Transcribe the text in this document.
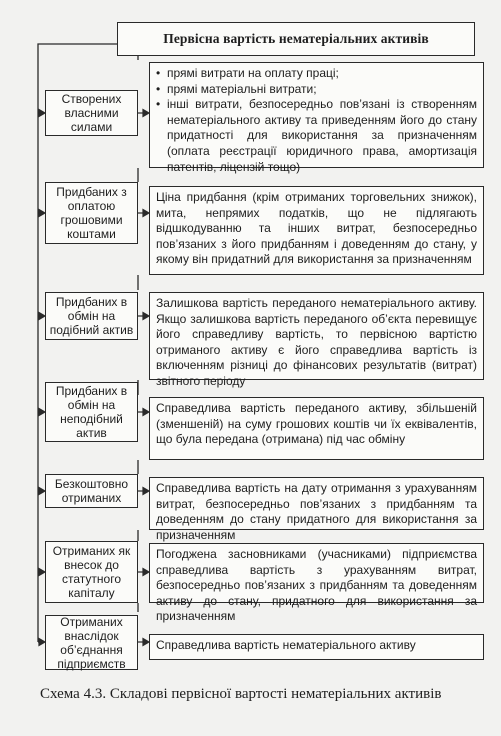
Первісна вартість нематеріальних активів
Створених власними силами
• прямі витрати на оплату праці;
• прямі матеріальні витрати;
• інші витрати, безпосередньо пов’язані із створенням нематеріального активу та приведенням його до стану придатності для використання за призначенням (оплата реєстрації юридичного права, амортизація патентів, ліцензій тощо)
Придбаних з оплатою грошовими коштами
Ціна придбання (крім отриманих торговельних знижок), мита, непрямих податків, що не підлягають відшкодуванню та інших витрат, безпосередньо пов’язаних з його придбанням і доведенням до стану, у якому він придатний для використання за призначенням
Придбаних в обмін на подібний актив
Залишкова вартість переданого нематеріального активу. Якщо залишкова вартість переданого об’єкта перевищує його справедливу вартість, то первісною вартістю отриманого активу є його справедлива вартість із включенням різниці до фінансових результатів (витрат) звітного періоду
Придбаних в обмін на неподібний актив
Справедлива вартість переданого активу, збільшеній (зменшеній) на суму грошових коштів чи їх еквівалентів, що була передана (отримана) під час обміну
Безкоштовно отриманих
Справедлива вартість на дату отримання з урахуванням витрат, безпосередньо пов’язаних з придбанням та доведенням до стану придатного для використання за призначенням
Отриманих як внесок до статутного капіталу
Погоджена засновниками (учасниками) підприємства справедлива вартість з урахуванням витрат, безпосередньо пов’язаних з придбанням та доведенням активу до стану, придатного для використання за призначенням
Отриманих внаслідок об’єднання підприємств
Справедлива вартість нематеріального активу
Схема 4.3. Складові первісної вартості нематеріальних активів
